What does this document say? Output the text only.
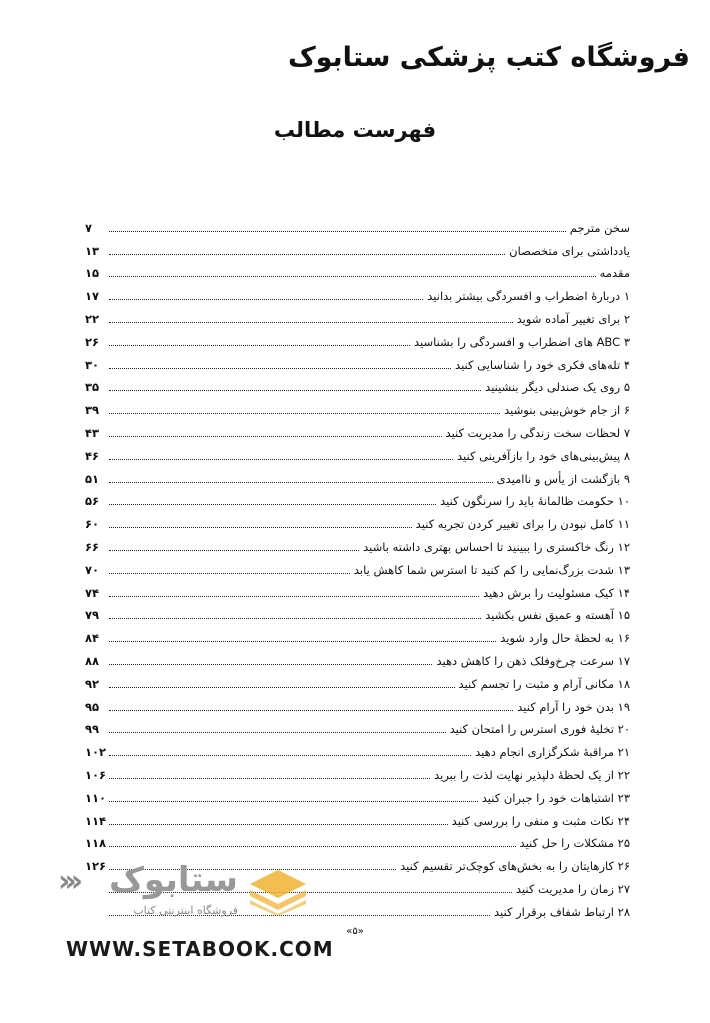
فروشگاه کتب پزشکی ستابوک
فهرست مطالب
سخن مترجم
۷
یادداشتی برای متخصصان
۱۳
مقدمه
۱۵
۱ دربارهٔ اضطراب و افسردگی بیشتر بدانید
۱۷
۲ برای تغییر آماده شوید
۲۲
۳ ABC های اضطراب و افسردگی را بشناسید
۲۶
۴ تله‌های فکری خود را شناسایی کنید
۳۰
۵ روی یک صندلی دیگر بنشینید
۳۵
۶ از جام خوش‌بینی بنوشید
۳۹
۷ لحظات سخت زندگی را مدیریت کنید
۴۳
۸ پیش‌بینی‌های خود را بازآفرینی کنید
۴۶
۹ بازگشت از یأس و ناامیدی
۵۱
۱۰ حکومت ظالمانهٔ باید را سرنگون کنید
۵۶
۱۱ کامل نبودن را برای تغییر کردن تجربه کنید
۶۰
۱۲ رنگ خاکستری را ببینید تا احساس بهتری داشته باشید
۶۶
۱۳ شدت بزرگ‌نمایی را کم کنید تا استرس شما کاهش یابد
۷۰
۱۴ کیک مسئولیت را برش دهید
۷۴
۱۵ آهسته و عمیق نفس بکشید
۷۹
۱۶ به لحظهٔ حال وارد شوید
۸۴
۱۷ سرعت چرخ‌وفلک ذهن را کاهش دهید
۸۸
۱۸ مکانی آرام و مثبت را تجسم کنید
۹۲
۱۹ بدن خود را آرام کنید
۹۵
۲۰ تخلیهٔ فوری استرس را امتحان کنید
۹۹
۲۱ مراقبهٔ شکرگزاری انجام دهید
۱۰۲
۲۲ از یک لحظهٔ دلپذیر نهایت لذت را ببرید
۱۰۶
۲۳ اشتباهات خود را جبران کنید
۱۱۰
۲۴ نکات مثبت و منفی را بررسی کنید
۱۱۴
۲۵ مشکلات را حل کنید
۱۱۸
۲۶ کارهایتان را به بخش‌های کوچک‌تر تقسیم کنید
۱۲۶
۲۷ زمان را مدیریت کنید
۲۸ ارتباط شفاف برقرار کنید
ستابوک
فروشگاه اینترنتی کتاب
‹‹‹
WWW.SETABOOK.COM
«۵»
